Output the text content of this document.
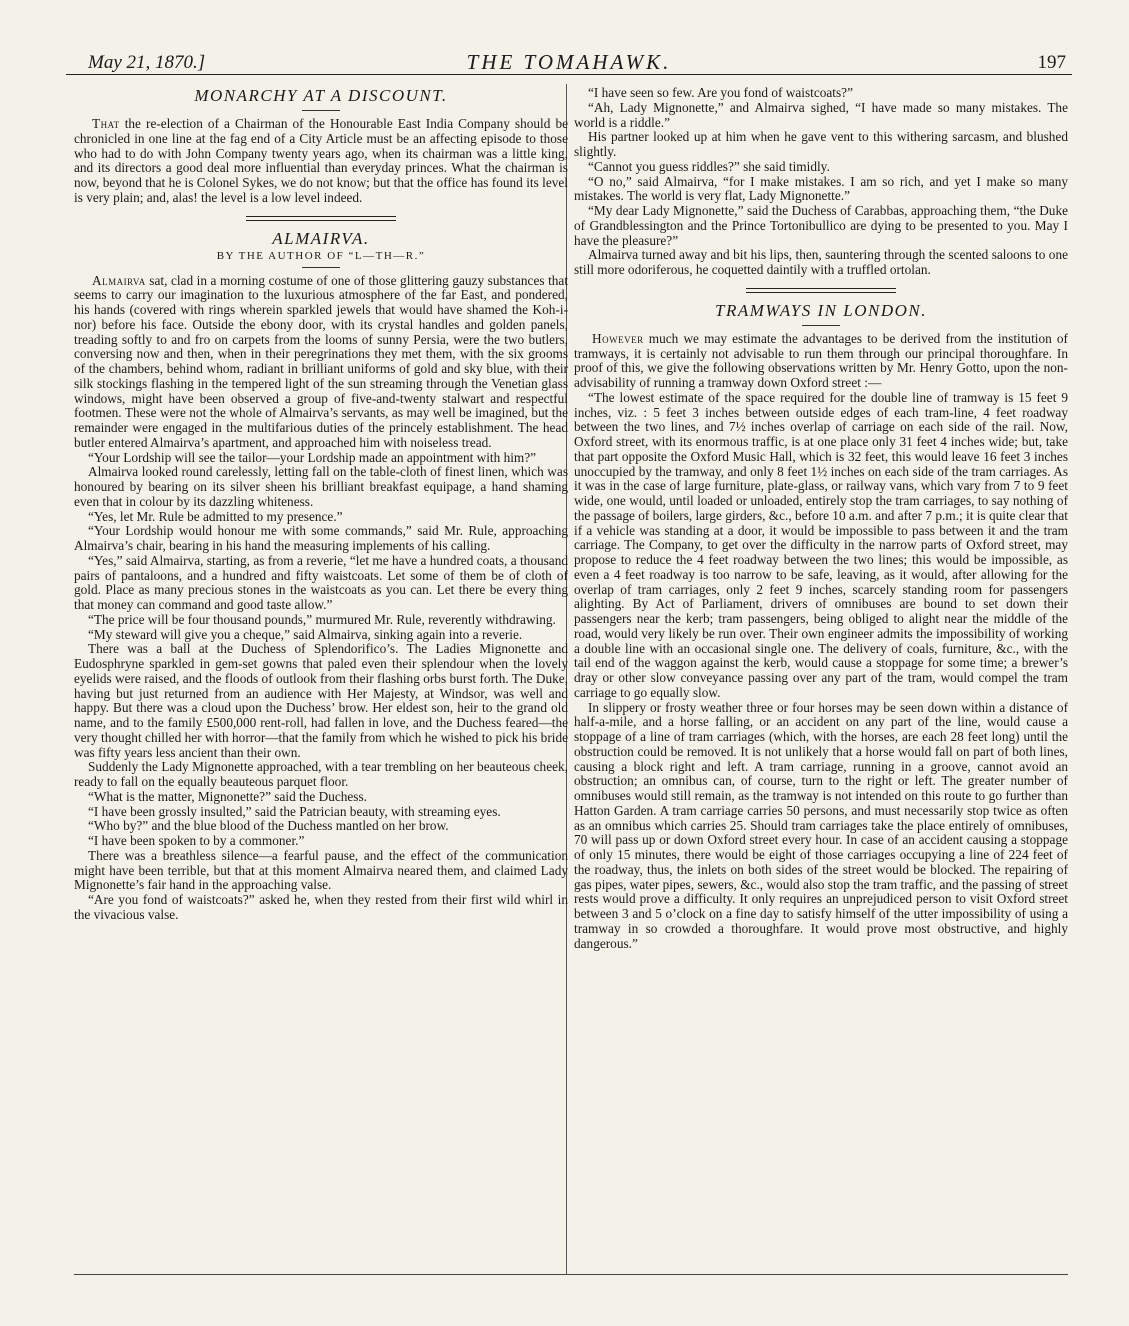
May 21, 1870.]	THE TOMAHAWK.	197
MONARCHY AT A DISCOUNT.

That the re-election of a Chairman of the Honourable East India Company should be chronicled in one line at the fag end of a City Article must be an affecting episode to those who had to do with John Company twenty years ago, when its chairman was a little king, and its directors a good deal more influential than everyday princes. What the chairman is now, beyond that he is Colonel Sykes, we do not know; but that the office has found its level is very plain; and, alas! the level is a low level indeed.

ALMAIRVA.
BY THE AUTHOR OF “L—TH—R.”

Almairva sat, clad in a morning costume of one of those glittering gauzy substances that seems to carry our imagination to the luxurious atmosphere of the far East, and pondered, his hands (covered with rings wherein sparkled jewels that would have shamed the Koh-i-nor) before his face. Outside the ebony door, with its crystal handles and golden panels, treading softly to and fro on carpets from the looms of sunny Persia, were the two butlers, conversing now and then, when in their peregrinations they met them, with the six grooms of the chambers, behind whom, radiant in brilliant uniforms of gold and sky blue, with their silk stockings flashing in the tempered light of the sun streaming through the Venetian glass windows, might have been observed a group of five-and-twenty stalwart and respectful footmen. These were not the whole of Almairva’s servants, as may well be imagined, but the remainder were engaged in the multifarious duties of the princely establishment. The head butler entered Almairva’s apartment, and approached him with noiseless tread.

“Your Lordship will see the tailor—your Lordship made an appointment with him?”

Almairva looked round carelessly, letting fall on the table-cloth of finest linen, which was honoured by bearing on its silver sheen his brilliant breakfast equipage, a hand shaming even that in colour by its dazzling whiteness.

“Yes, let Mr. Rule be admitted to my presence.”

“Your Lordship would honour me with some commands,” said Mr. Rule, approaching Almairva’s chair, bearing in his hand the measuring implements of his calling.

“Yes,” said Almairva, starting, as from a reverie, “let me have a hundred coats, a thousand pairs of pantaloons, and a hundred and fifty waistcoats. Let some of them be of cloth of gold. Place as many precious stones in the waistcoats as you can. Let there be every thing that money can command and good taste allow.”

“The price will be four thousand pounds,” murmured Mr. Rule, reverently withdrawing.

“My steward will give you a cheque,” said Almairva, sinking again into a reverie.

There was a ball at the Duchess of Splendorifico’s. The Ladies Mignonette and Eudosphryne sparkled in gem-set gowns that paled even their splendour when the lovely eyelids were raised, and the floods of outlook from their flashing orbs burst forth. The Duke, having but just returned from an audience with Her Majesty, at Windsor, was well and happy. But there was a cloud upon the Duchess’ brow. Her eldest son, heir to the grand old name, and to the family £500,000 rent-roll, had fallen in love, and the Duchess feared—the very thought chilled her with horror—that the family from which he wished to pick his bride was fifty years less ancient than their own.

Suddenly the Lady Mignonette approached, with a tear trembling on her beauteous cheek, ready to fall on the equally beauteous parquet floor.

“What is the matter, Mignonette?” said the Duchess.

“I have been grossly insulted,” said the Patrician beauty, with streaming eyes.

“Who by?” and the blue blood of the Duchess mantled on her brow.

“I have been spoken to by a commoner.”

There was a breathless silence—a fearful pause, and the effect of the communication might have been terrible, but that at this moment Almairva neared them, and claimed Lady Mignonette’s fair hand in the approaching valse.

“Are you fond of waistcoats?” asked he, when they rested from their first wild whirl in the vivacious valse.

“I have seen so few. Are you fond of waistcoats?”

“Ah, Lady Mignonette,” and Almairva sighed, “I have made so many mistakes. The world is a riddle.”

His partner looked up at him when he gave vent to this withering sarcasm, and blushed slightly.

“Cannot you guess riddles?” she said timidly.

“O no,” said Almairva, “for I make mistakes. I am so rich, and yet I make so many mistakes. The world is very flat, Lady Mignonette.”

“My dear Lady Mignonette,” said the Duchess of Carabbas, approaching them, “the Duke of Grandblessington and the Prince Tortonibullico are dying to be presented to you. May I have the pleasure?”

Almairva turned away and bit his lips, then, sauntering through the scented saloons to one still more odoriferous, he coquetted daintily with a truffled ortolan.

TRAMWAYS IN LONDON.

However much we may estimate the advantages to be derived from the institution of tramways, it is certainly not advisable to run them through our principal thoroughfare. In proof of this, we give the following observations written by Mr. Henry Gotto, upon the non-advisability of running a tramway down Oxford street :—

“The lowest estimate of the space required for the double line of tramway is 15 feet 9 inches, viz. : 5 feet 3 inches between outside edges of each tram-line, 4 feet roadway between the two lines, and 7½ inches overlap of carriage on each side of the rail. Now, Oxford street, with its enormous traffic, is at one place only 31 feet 4 inches wide; but, take that part opposite the Oxford Music Hall, which is 32 feet, this would leave 16 feet 3 inches unoccupied by the tramway, and only 8 feet 1½ inches on each side of the tram carriages. As it was in the case of large furniture, plate-glass, or railway vans, which vary from 7 to 9 feet wide, one would, until loaded or unloaded, entirely stop the tram carriages, to say nothing of the passage of boilers, large girders, &c., before 10 a.m. and after 7 p.m.; it is quite clear that if a vehicle was standing at a door, it would be impossible to pass between it and the tram carriage. The Company, to get over the difficulty in the narrow parts of Oxford street, may propose to reduce the 4 feet roadway between the two lines; this would be impossible, as even a 4 feet roadway is too narrow to be safe, leaving, as it would, after allowing for the overlap of tram carriages, only 2 feet 9 inches, scarcely standing room for passengers alighting. By Act of Parliament, drivers of omnibuses are bound to set down their passengers near the kerb; tram passengers, being obliged to alight near the middle of the road, would very likely be run over. Their own engineer admits the impossibility of working a double line with an occasional single one. The delivery of coals, furniture, &c., with the tail end of the waggon against the kerb, would cause a stoppage for some time; a brewer’s dray or other slow conveyance passing over any part of the tram, would compel the tram carriage to go equally slow.

In slippery or frosty weather three or four horses may be seen down within a distance of half-a-mile, and a horse falling, or an accident on any part of the line, would cause a stoppage of a line of tram carriages (which, with the horses, are each 28 feet long) until the obstruction could be removed. It is not unlikely that a horse would fall on part of both lines, causing a block right and left. A tram carriage, running in a groove, cannot avoid an obstruction; an omnibus can, of course, turn to the right or left. The greater number of omnibuses would still remain, as the tramway is not intended on this route to go further than Hatton Garden. A tram carriage carries 50 persons, and must necessarily stop twice as often as an omnibus which carries 25. Should tram carriages take the place entirely of omnibuses, 70 will pass up or down Oxford street every hour. In case of an accident causing a stoppage of only 15 minutes, there would be eight of those carriages occupying a line of 224 feet of the roadway, thus, the inlets on both sides of the street would be blocked. The repairing of gas pipes, water pipes, sewers, &c., would also stop the tram traffic, and the passing of street rests would prove a difficulty. It only requires an unprejudiced person to visit Oxford street between 3 and 5 o’clock on a fine day to satisfy himself of the utter impossibility of using a tramway in so crowded a thoroughfare. It would prove most obstructive, and highly dangerous.”
